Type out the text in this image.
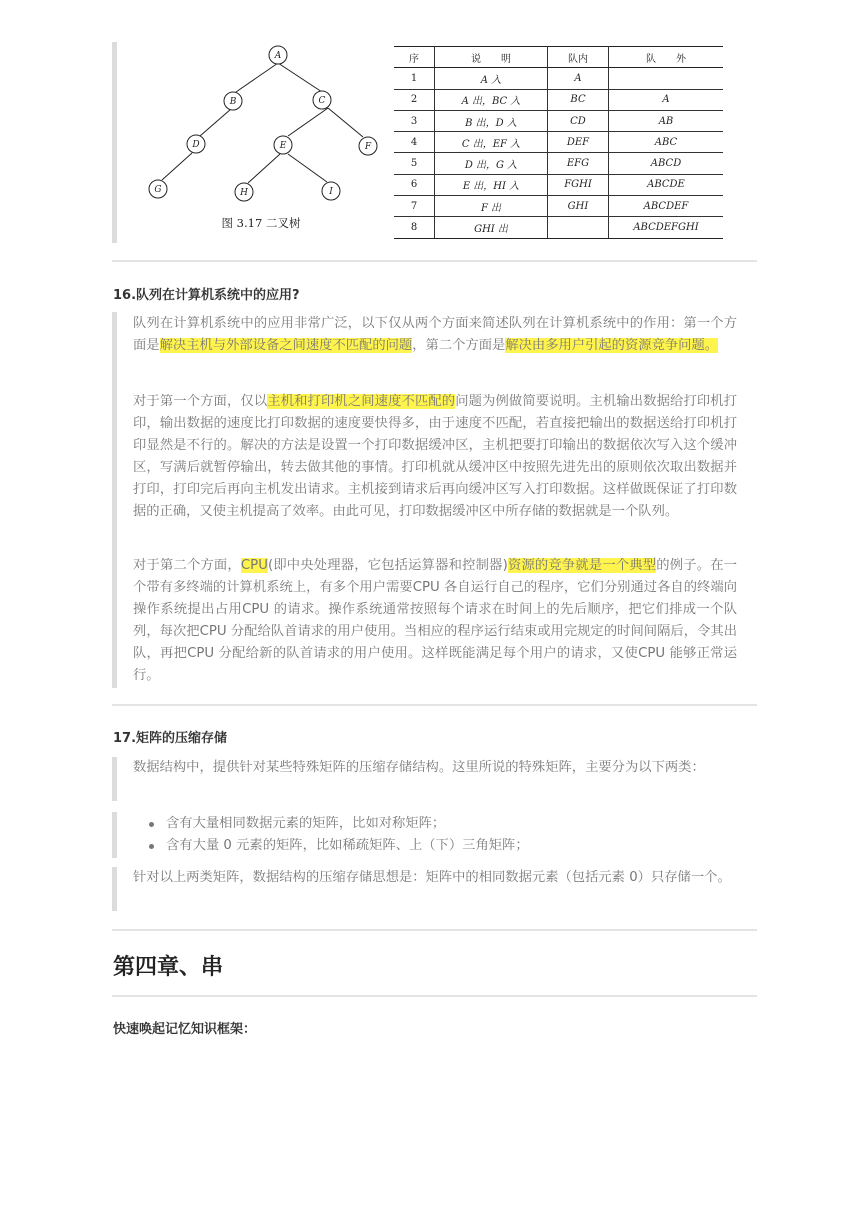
A
B	C
D	E	F
G	H	I
图 3.17 二叉树
序	说　　明	队内	队　　外
1	A 入	A	
2	A 出，BC 入	BC	A
3	B 出，D 入	CD	AB
4	C 出，EF 入	DEF	ABC
5	D 出，G 入	EFG	ABCD
6	E 出，HI 入	FGHI	ABCDE
7	F 出	GHI	ABCDEF
8	GHI 出		ABCDEFGHI
16.队列在计算机系统中的应用?
队列在计算机系统中的应用非常广泛，以下仅从两个方面来简述队列在计算机系统中的作用：第一个方面是解决主机与外部设备之间速度不匹配的问题，第二个方面是解决由多用户引起的资源竞争问题。
对于第一个方面，仅以主机和打印机之间速度不匹配的问题为例做简要说明。主机输出数据给打印机打印，输出数据的速度比打印数据的速度要快得多，由于速度不匹配，若直接把输出的数据送给打印机打印显然是不行的。解决的方法是设置一个打印数据缓冲区，主机把要打印输出的数据依次写入这个缓冲区，写满后就暂停输出，转去做其他的事情。打印机就从缓冲区中按照先进先出的原则依次取出数据并打印，打印完后再向主机发出请求。主机接到请求后再向缓冲区写入打印数据。这样做既保证了打印数据的正确，又使主机提高了效率。由此可见，打印数据缓冲区中所存储的数据就是一个队列。
对于第二个方面，CPU(即中央处理器，它包括运算器和控制器)资源的竞争就是一个典型的例子。在一个带有多终端的计算机系统上，有多个用户需要CPU 各自运行自己的程序，它们分别通过各自的终端向操作系统提出占用CPU 的请求。操作系统通常按照每个请求在时间上的先后顺序，把它们排成一个队列，每次把CPU 分配给队首请求的用户使用。当相应的程序运行结束或用完规定的时间间隔后，令其出队，再把CPU 分配给新的队首请求的用户使用。这样既能满足每个用户的请求，又使CPU 能够正常运行。
17.矩阵的压缩存储
数据结构中，提供针对某些特殊矩阵的压缩存储结构。这里所说的特殊矩阵，主要分为以下两类：
含有大量相同数据元素的矩阵，比如对称矩阵；
含有大量 0 元素的矩阵，比如稀疏矩阵、上（下）三角矩阵；
针对以上两类矩阵，数据结构的压缩存储思想是：矩阵中的相同数据元素（包括元素 0）只存储一个。
第四章、串
快速唤起记忆知识框架：
